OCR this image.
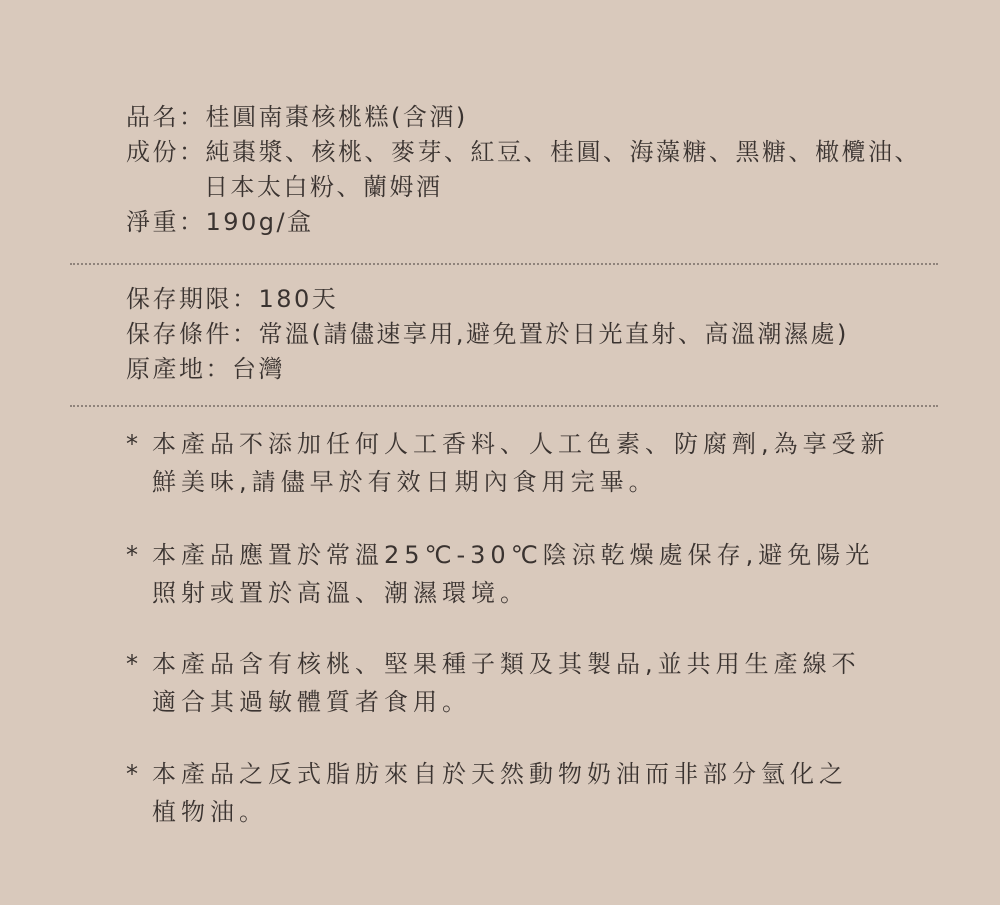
品名：桂圓南棗核桃糕(含酒)
成份：純棗漿、核桃、麥芽、紅豆、桂圓、海藻糖、黑糖、橄欖油、
日本太白粉、蘭姆酒
淨重：190g/盒
保存期限：180天
保存條件：常溫(請儘速享用,避免置於日光直射、高溫潮濕處)
原產地：台灣
* 本產品不添加任何人工香料、人工色素、防腐劑,為享受新
鮮美味,請儘早於有效日期內食用完畢。
* 本產品應置於常溫25℃-30℃陰涼乾燥處保存,避免陽光
照射或置於高溫、潮濕環境。
* 本產品含有核桃、堅果種子類及其製品,並共用生產線不
適合其過敏體質者食用。
* 本產品之反式脂肪來自於天然動物奶油而非部分氫化之
植物油。
